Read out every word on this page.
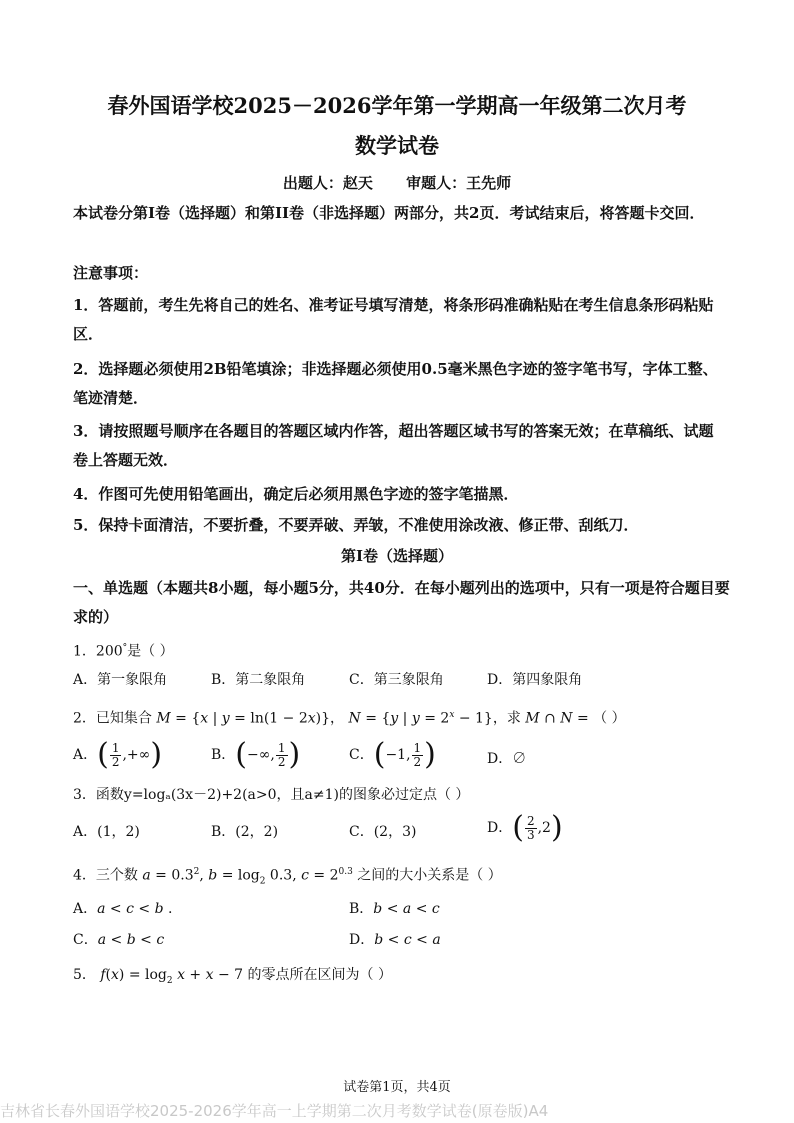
春外国语学校2025－2026学年第一学期高一年级第二次月考
数学试卷
出题人：赵天 审题人：王先师
本试卷分第I卷（选择题）和第II卷（非选择题）两部分，共2页．考试结束后，将答题卡交回．
注意事项：
1．答题前，考生先将自己的姓名、准考证号填写清楚，将条形码准确粘贴在考生信息条形码粘贴区．
2．选择题必须使用2B铅笔填涂；非选择题必须使用0.5毫米黑色字迹的签字笔书写，字体工整、笔迹清楚．
3．请按照题号顺序在各题目的答题区域内作答，超出答题区域书写的答案无效；在草稿纸、试题卷上答题无效．
4．作图可先使用铅笔画出，确定后必须用黑色字迹的签字笔描黑．
5．保持卡面清洁，不要折叠，不要弄破、弄皱，不准使用涂改液、修正带、刮纸刀．
第I卷（选择题）
一、单选题（本题共8小题，每小题5分，共40分．在每小题列出的选项中，只有一项是符合题目要求的）
1．200°是（ ）
A．第一象限角	B．第二象限角	C．第三象限角	D．第四象限角
2．已知集合 M = {x | y = ln(1 − 2x)}， N = {y | $y = 2^x - 1$}，求 M ∩ N = （ ）
A．( $\frac{1}{2}$ ,+∞)	B．(−∞, $\frac{1}{2}$ )	C．(−1, $\frac{1}{2}$ )	D．∅
3．函数y=logₐ(3x－2)+2(a>0，且a≠1)的图象必过定点（ ）
A．(1，2)	B．(2，2)	C．(2，3)	D．( $\frac{2}{3} ,2$)
4．三个数 $a = 0.3^2$, $b = \log_2 0.3$, $c = 2^{0.3}$ 之间的大小关系是（ ）
A．a < c < b .	B．b < a < c
C．a < b < c	D．b < c < a
5． $f(x) = \log_2 x + x - 7$ 的零点所在区间为（ ）
试卷第1页，共4页
吉林省长春外国语学校2025-2026学年高一上学期第二次月考数学试卷(原卷版)A4
